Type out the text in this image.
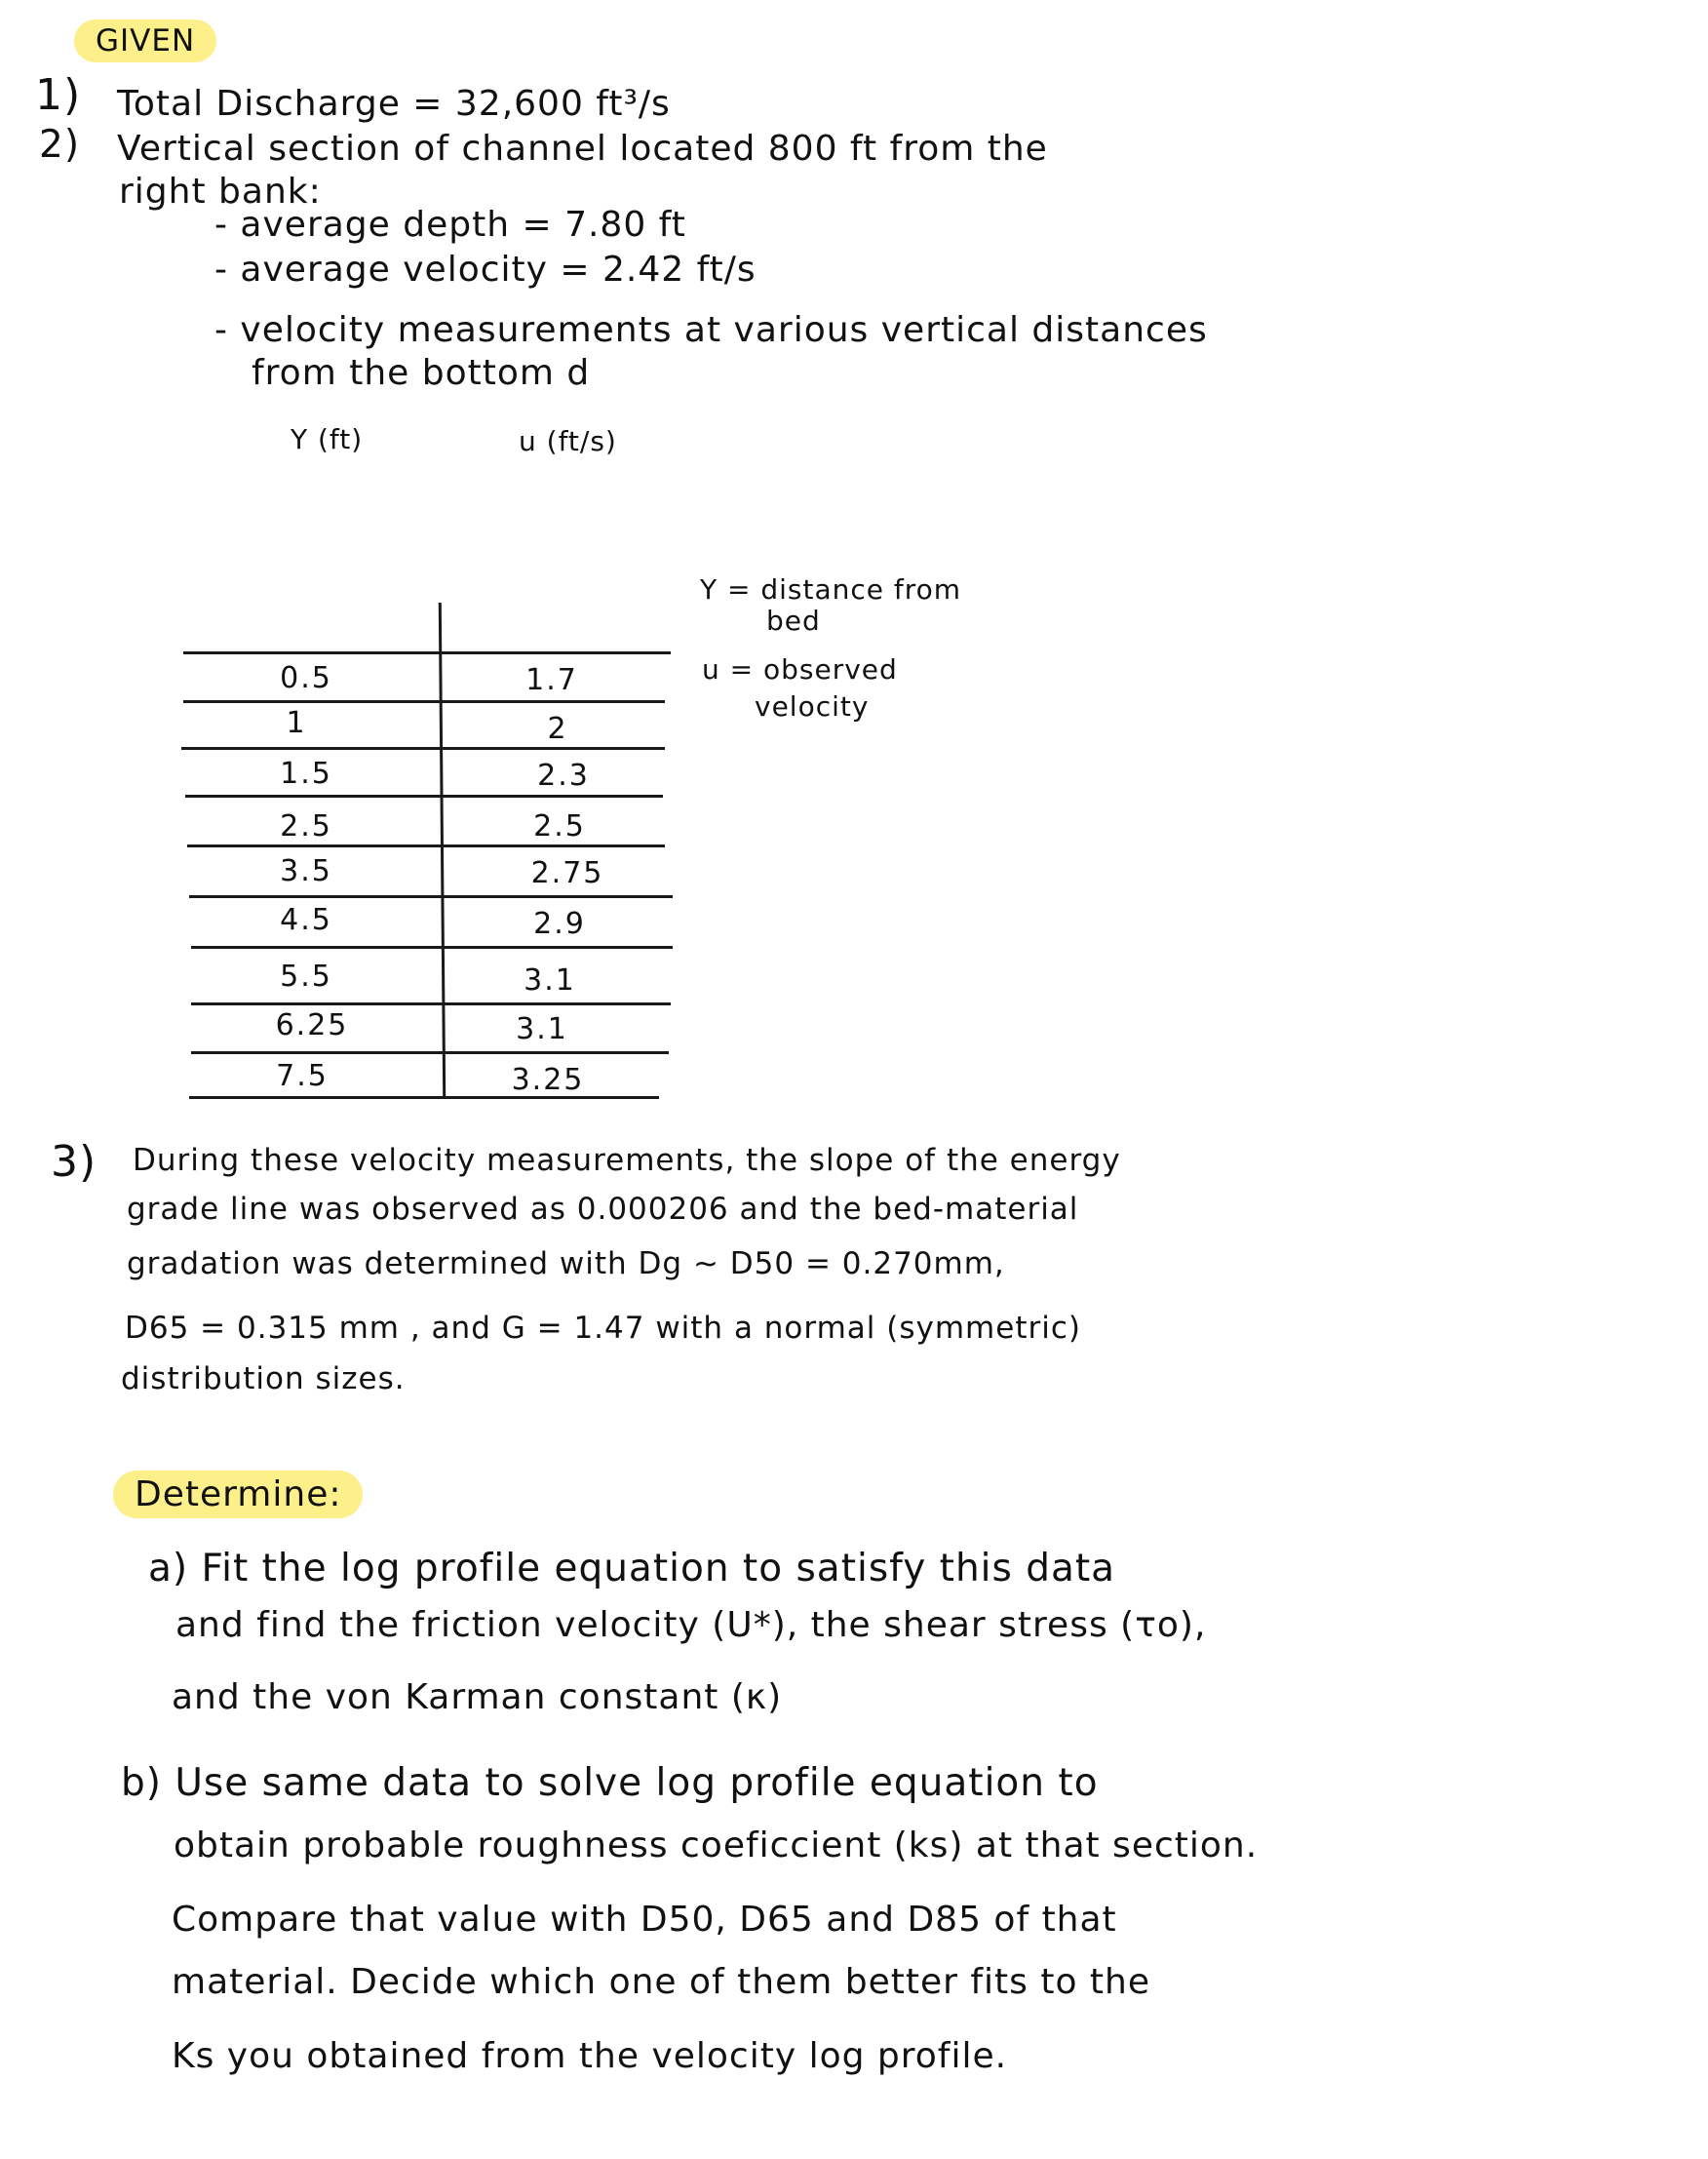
GIVEN
1) Total Discharge = 32,600 ft³/s
2) Vertical section of channel located 800 ft from the
right bank:
- average depth = 7.80 ft
- average velocity = 2.42 ft/s
- velocity measurements at various vertical distances
from the bottom d
Y (ft)	u (ft/s)
0.5	1.7
1	2
1.5	2.3
2.5	2.5
3.5	2.75
4.5	2.9
5.5	3.1
6.25	3.1
7.5	3.25
Y = distance from
bed
u = observed
velocity
3) During these velocity measurements, the slope of the energy
grade line was observed as 0.000206 and the bed-material
gradation was determined with Dg ~ D50 = 0.270mm,
D65 = 0.315 mm , and G = 1.47 with a normal (symmetric)
distribution sizes.
Determine:
a) Fit the log profile equation to satisfy this data
and find the friction velocity (U*), the shear stress (τo),
and the von Karman constant (κ)
b) Use same data to solve log profile equation to
obtain probable roughness coeficcient (ks) at that section.
Compare that value with D50, D65 and D85 of that
material. Decide which one of them better fits to the
Ks you obtained from the velocity log profile.
